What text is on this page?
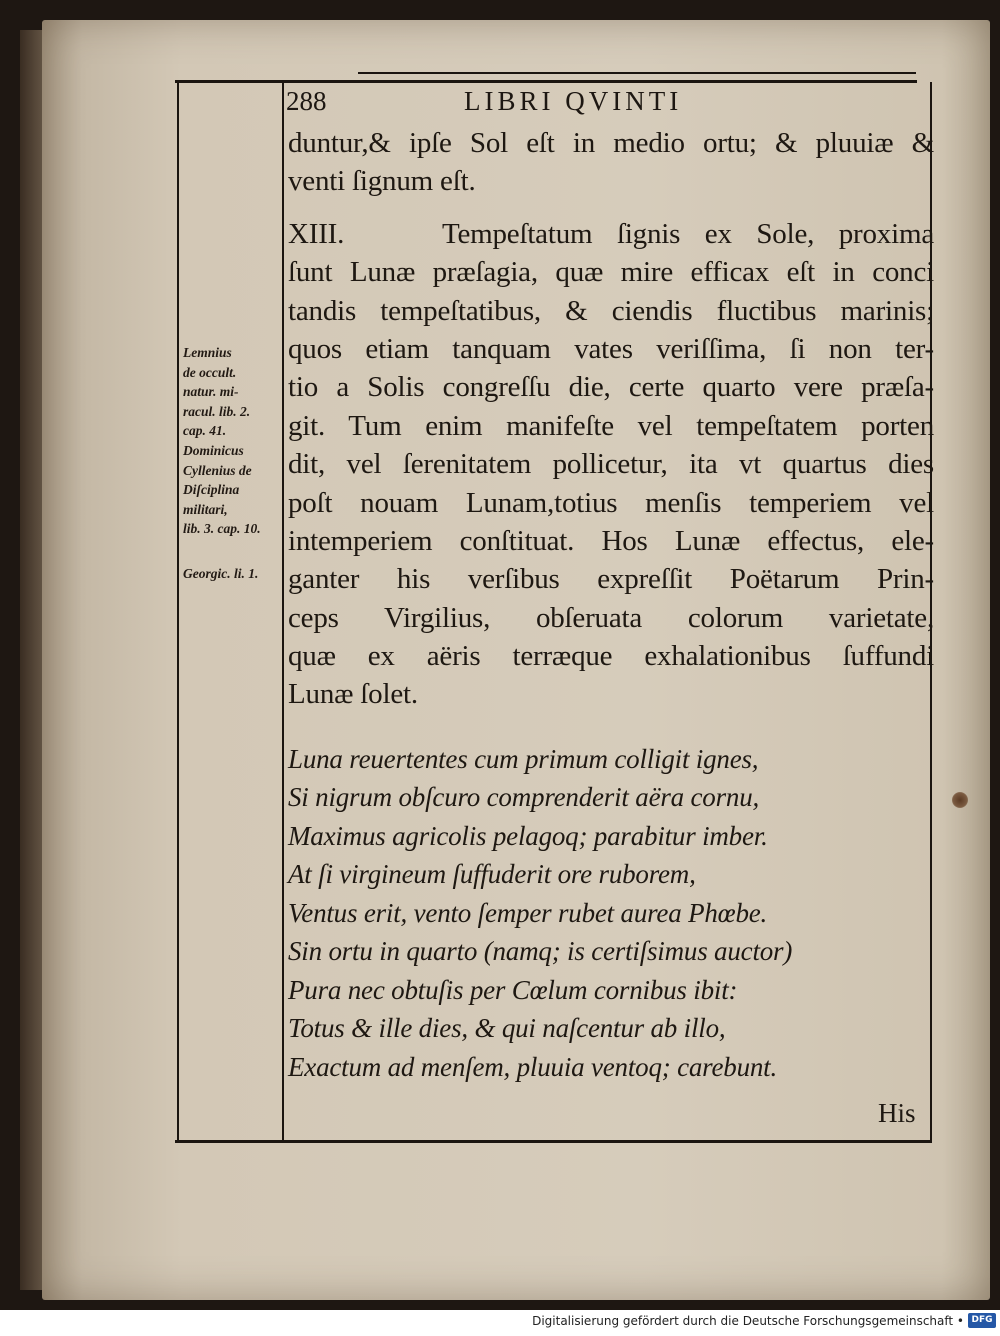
288	LIBRI QVINTI
duntur,& ipſe Sol eſt in medio ortu; & pluuiæ &
venti ſignum eſt.
XIII.    Tempeſtatum ſignis ex Sole, proxima
ſunt Lunæ præſagia, quæ mire efficax eſt in conci
tandis tempeſtatibus, & ciendis fluctibus marinis;
quos etiam tanquam vates veriſſima, ſi non ter-
tio a Solis congreſſu die, certe quarto vere præſa-
git. Tum enim manifeſte vel tempeſtatem porten
dit, vel ſerenitatem pollicetur, ita vt quartus dies
poſt nouam Lunam,totius menſis temperiem vel
intemperiem conſtituat. Hos Lunæ effectus, ele-
ganter his verſibus expreſſit Poëtarum Prin-
ceps Virgilius, obſeruata colorum varietate,
quæ ex aëris terræque exhalationibus ſuffundi
Lunæ ſolet.
Luna reuertentes cum primum colligit ignes,
Si nigrum obſcuro comprenderit aëra cornu,
Maximus agricolis pelagoq; parabitur imber.
At ſi virgineum ſuffuderit ore ruborem,
Ventus erit, vento ſemper rubet aurea Phœbe.
Sin ortu in quarto (namq; is certiſsimus auctor)
Pura nec obtuſis per Cœlum cornibus ibit:
Totus & ille dies, & qui naſcentur ab illo,
Exactum ad menſem, pluuia ventoq; carebunt.
His
Lemnius
de occult.
natur. mi-
racul. lib. 2.
cap. 41.
Dominicus
Cyllenius de
Diſciplina
militari,
lib. 3. cap. 10.
Georgic. li. 1.
Digitalisierung gefördert durch die Deutsche Forschungsgemeinschaft • DFG
